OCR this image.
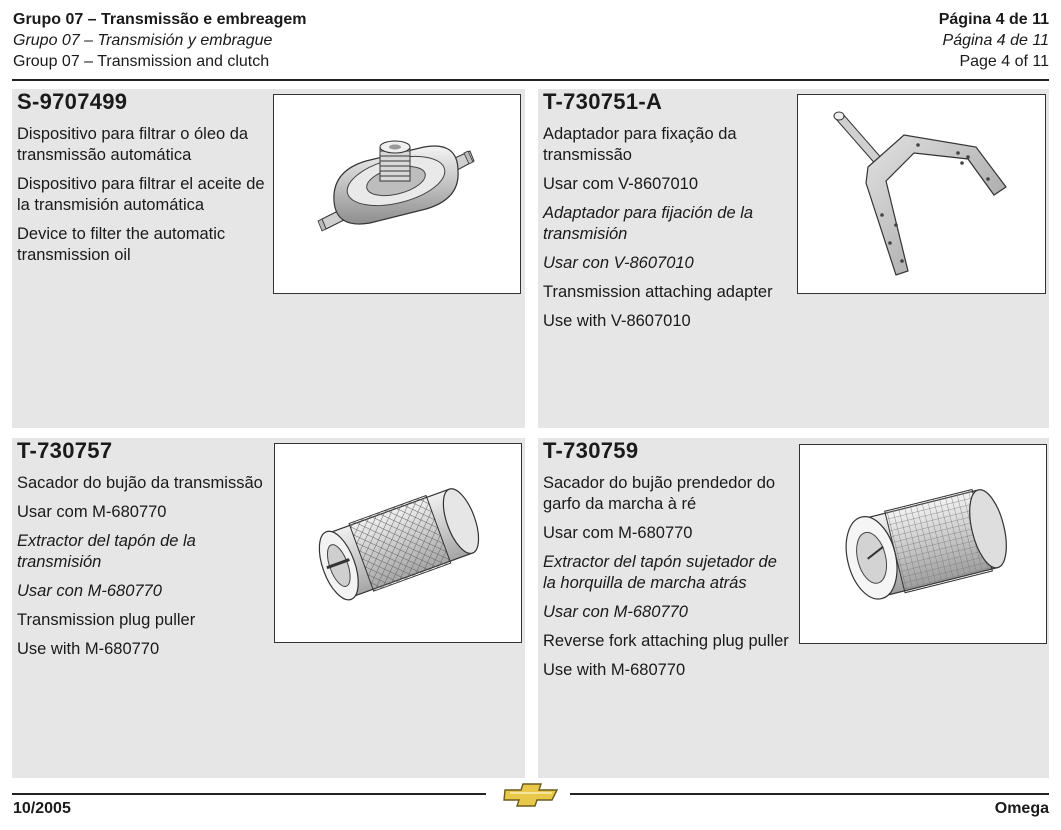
Grupo 07 – Transmissão e embreagem
Grupo 07 – Transmisión y embrague
Group 07 – Transmission and clutch
Página 4 de 11
Página 4 de 11
Page 4 of 11
S-9707499

Dispositivo para filtrar o óleo da transmissão automática

Dispositivo para filtrar el aceite de la transmisión automática

Device to filter the automatic transmission oil

T-730751-A

Adaptador para fixação da transmissão

Usar com V-8607010

Adaptador para fijación de la transmisión

Usar con V-8607010

Transmission attaching adapter

Use with V-8607010

T-730757

Sacador do bujão da transmissão

Usar com M-680770

Extractor del tapón de la transmisión

Usar con M-680770

Transmission plug puller

Use with M-680770

T-730759

Sacador do bujão prendedor do garfo da marcha à ré

Usar com M-680770

Extractor del tapón sujetador de la horquilla de marcha atrás

Usar con M-680770

Reverse fork attaching plug puller

Use with M-680770

10/2005	Omega
